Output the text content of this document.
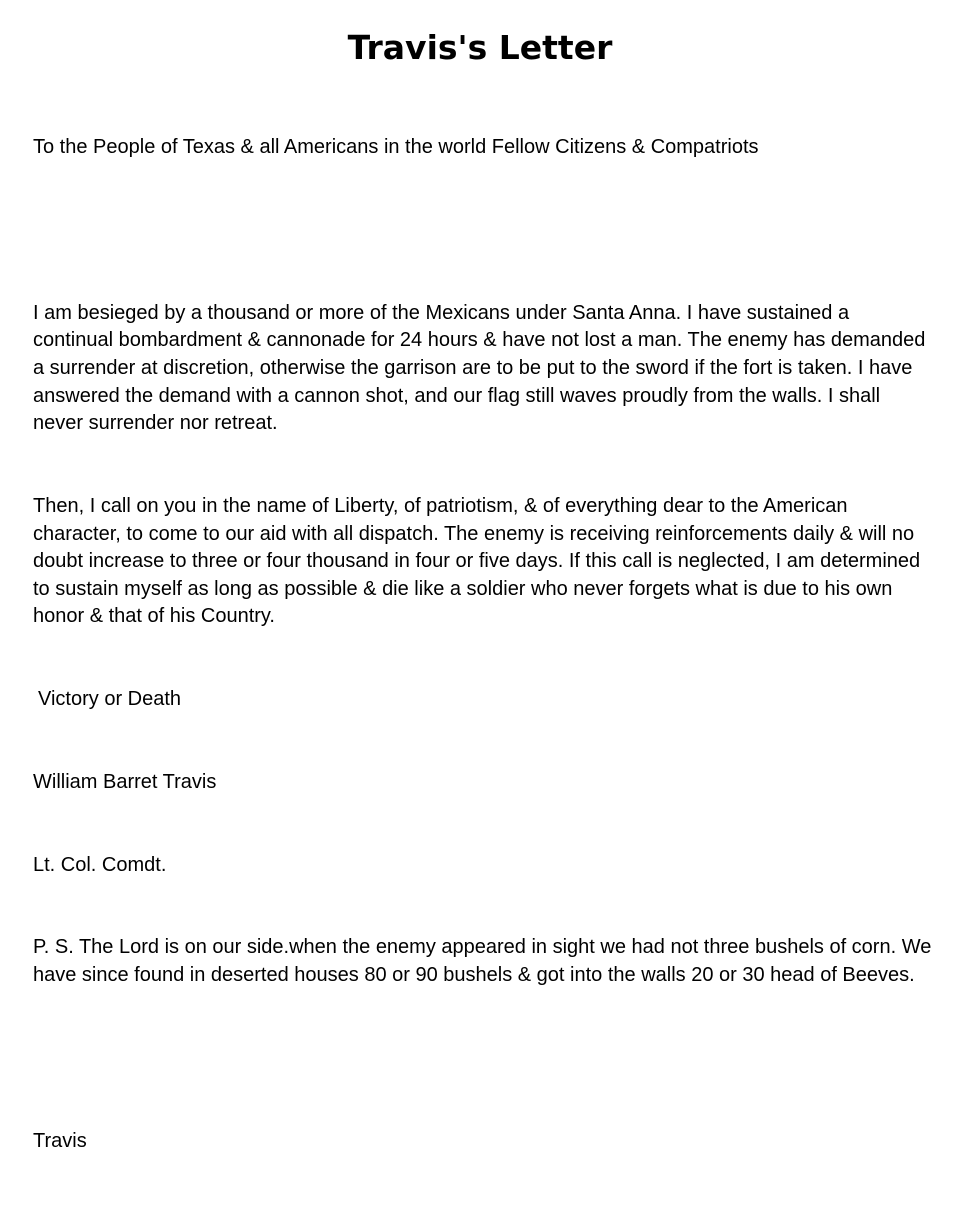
Travis's Letter

To the People of Texas & all Americans in the world Fellow Citizens & Compatriots

I am besieged by a thousand or more of the Mexicans under Santa Anna. I have sustained a continual bombardment & cannonade for 24 hours & have not lost a man. The enemy has demanded a surrender at discretion, otherwise the garrison are to be put to the sword if the fort is taken. I have answered the demand with a cannon shot, and our flag still waves proudly from the walls. I shall never surrender nor retreat.

Then, I call on you in the name of Liberty, of patriotism, & of everything dear to the American character, to come to our aid with all dispatch. The enemy is receiving reinforcements daily & will no doubt increase to three or four thousand in four or five days. If this call is neglected, I am determined to sustain myself as long as possible & die like a soldier who never forgets what is due to his own honor & that of his Country.

Victory or Death

William Barret Travis

Lt. Col. Comdt.

P. S. The Lord is on our side.when the enemy appeared in sight we had not three bushels of corn. We have since found in deserted houses 80 or 90 bushels & got into the walls 20 or 30 head of Beeves.

Travis
